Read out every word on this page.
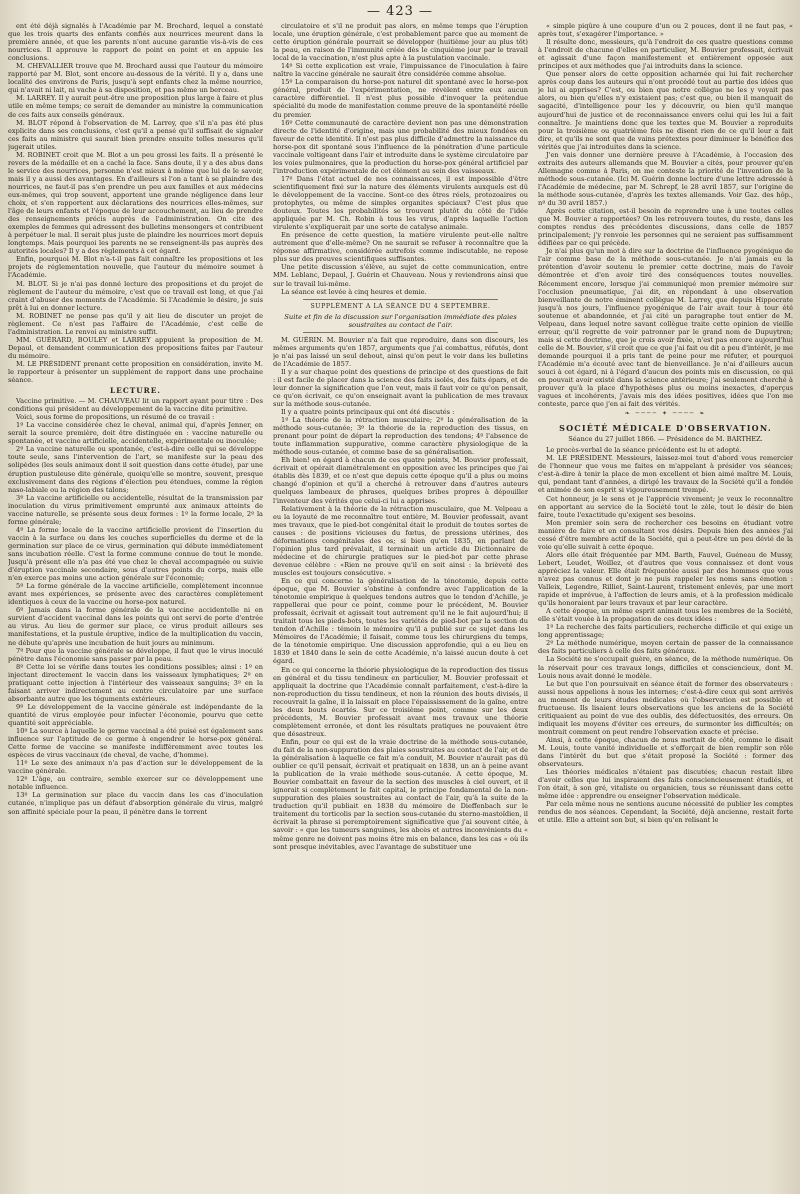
— 423 —

ent été déjà signalés à l'Académie par M. Brochard, lequel a constaté que les trois quarts des enfants confiés aux nourrices meurent dans la première année, et que les parents n'ont aucune garantie vis-à-vis de ces nourrices. Il approuve le rapport de point en point et en appuie les conclusions.

M. CHEVALLIER trouve que M. Brochard aussi que l'auteur du mémoire rapporté par M. Blot, sont encore au-dessous de la vérité. Il y a, dans une localité des environs de Paris, jusqu'à sept enfants chez la même nourrice, qui n'avait ni lait, ni vache à sa disposition, et pas même un berceau.

M. LARREY. Il y aurait peut-être une proposition plus large à faire et plus utile en même temps; ce serait de demander au ministre la communication de ces faits aux conseils généraux.

M. BLOT répond à l'observation de M. Larrey, que s'il n'a pas été plus explicite dans ses conclusions, c'est qu'il a pensé qu'il suffisait de signaler ces faits au ministre qui saurait bien prendre ensuite telles mesures qu'il jugerait utiles.

M. ROBINET croit que M. Blot a un peu grossi les faits. Il a présenté le revers de la médaille et en a caché la face. Sans doute, il y a des abus dans le service des nourrices, personne n'est mieux à même que lui de le savoir, mais il y a aussi des avantages. En d'ailleurs si l'on a tant à se plaindre des nourrices, ne faut-il pas s'en prendre un peu aux familles et aux médecins eux-mêmes, qui trop souvent, apportent une grande négligence dans leur choix, et s'en rapportent aux déclarations des nourrices elles-mêmes, sur l'âge de leurs enfants et l'époque de leur accouchement, au lieu de prendre des renseignements précis auprès de l'administration. On cite des exemples de femmes qui adressent des bulletins mensongers et contribuent à perpétuer le mal. Il serait plus juste de plaindre les nourrices mort depuis longtemps. Mais pourquoi les parents ne se renseignent-ils pas auprès des autorités locales? Il y a des règlements à cet égard.

Enfin, pourquoi M. Blot n'a-t-il pas fait connaître les propositions et les projets de réglementation nouvelle, que l'auteur du mémoire soumet à l'Académie.

M. BLOT. Si je n'ai pas donné lecture des propositions et du projet de règlement de l'auteur du mémoire, c'est que ce travail est long, et que j'ai craint d'abuser des moments de l'Académie. Si l'Académie le désire, je suis prêt à lui en donner lecture.

M. ROBINET ne pense pas qu'il y ait lieu de discuter un projet de règlement. Ce n'est pas l'affaire de l'Académie, c'est celle de l'administration. Le renvoi au ministre suffit.

MM. GUÉRARD, BOULEY et LARREY appuient la proposition de M. Depaul, et demandent communication des propositions faites par l'auteur du mémoire.

M. LE PRÉSIDENT prenant cette proposition en considération, invite M. le rapporteur à présenter un supplément de rapport dans une prochaine séance.

LECTURE.

Vaccine primitive. — M. CHAUVEAU lit un rapport ayant pour titre : Des conditions qui président au développement de la vaccine dite primitive.

Voici, sous forme de propositions, un résumé de ce travail :

1º La vaccine considérée chez le cheval, animal qui, d'après Jenner, en serait la source première, doit être distinguée en : vaccine naturelle ou spontanée, et vaccine artificielle, accidentelle, expérimentale ou inoculée;

2º La vaccine naturelle ou spontanée, c'est-à-dire celle qui se développe toute seule, sans l'intervention de l'art, se manifeste sur la peau des solipèdes (les seuls animaux dont il soit question dans cette étude), par une éruption pustuleuse dite générale, quoiqu'elle se montre, souvent, presque exclusivement dans des régions d'élection peu étendues, comme la région naso-labiale ou la région des talons;

3º La vaccine artificielle ou accidentelle, résultat de la transmission par inoculation du virus primitivement emprunté aux animaux atteints de vaccine naturelle, se présente sous deux formes : 1º la forme locale, 2º la forme générale;

4º La forme locale de la vaccine artificielle provient de l'insertion du vaccin à la surface ou dans les couches superficielles du derme et de la germination sur place de ce virus, germination qui débute immédiatement sans incubation réelle. C'est la forme commune connue de tout le monde. Jusqu'à présent elle n'a pas été vue chez le cheval accompagnée ou suivie d'éruption vaccinale secondaire, sous d'autres points du corps, mais elle n'en exerce pas moins une action générale sur l'économie;

5º La forme générale de la vaccine artificielle, complètement inconnue avant mes expériences, se présente avec des caractères complètement identiques à ceux de la vaccine ou horse-pox naturel.

6º Jamais dans la forme générale de la vaccine accidentelle ni en survient d'accident vaccinal dans les points qui ont servi de porte d'entrée au virus. Au lieu de germer sur place, ce virus produit ailleurs ses manifestations, et la pustule éruptive, indice de la multiplication du vaccin, ne débute qu'après une incubation de huit jours au minimum.

7º Pour que la vaccine générale se développe, il faut que le virus inoculé pénètre dans l'économie sans passer par la peau.

8º Cette loi se vérifie dans toutes les conditions possibles; ainsi : 1º en injectant directement le vaccin dans les vaisseaux lymphatiques; 2º en pratiquant cette injection à l'intérieur des vaisseaux sanguins; 3º en la faisant arriver indirectement au centre circulatoire par une surface absorbante autre que les téguments extérieurs.

9º Le développement de la vaccine générale est indépendante de la quantité de virus employée pour infecter l'économie, pourvu que cette quantité soit appréciable.

10º La source à laquelle le germe vaccinal a été puisé est également sans influence sur l'aptitude de ce germe à engendrer le horse-pox général. Cette forme de vaccine se manifeste indifféremment avec toutes les espèces de virus vaccinaux (de cheval, de vache, d'homme).

11º Le sexe des animaux n'a pas d'action sur le développement de la vaccine générale.

12º L'âge, au contraire, semble exercer sur ce développement une notable influence.

13º La germination sur place du vaccin dans les cas d'inoculation cutanée, n'implique pas un défaut d'absorption générale du virus, malgré son affinité spéciale pour la peau, il pénètre dans le torrent

circulatoire et s'il ne produit pas alors, en même temps que l'éruption locale, une éruption générale, c'est probablement parce que au moment de cette éruption générale pourrait se développer (huitième jour au plus tôt) la peau, en raison de l'immunité créée dès le cinquième jour par le travail local de la vaccination, n'est plus apte à la pustulation vaccinale.

14º Si cette explication est vraie, l'impuissance de l'inoculation à faire naître la vaccine générale ne saurait être considérée comme absolue.

15º La comparaison du horse-pox naturel dit spontané avec le horse-pox général, produit de l'expérimentation, ne révèlent entre eux aucun caractère différentiel. Il n'est plus possible d'invoquer la prétendue spécialité du mode de manifestation comme preuve de la spontanéité réelle du premier.

16º Cette communauté de caractère devient non pas une démonstration directe de l'identité d'origine, mais une probabilité des mieux fondées en faveur de cette identité. Il n'est pas plus difficile d'admettre la naissance du horse-pox dit spontané sous l'influence de la pénétration d'une particule vaccinale voltigeant dans l'air et introduite dans le système circulatoire par les voies pulmonaires, que la production du horse-pox général artificiel par l'introduction expérimentale de cet élément au sein des vaisseaux.

17º Dans l'état actuel de nos connaissances, il est impossible d'être scientifiquement fixé sur la nature des éléments virulents auxquels est dû le développement de la vaccine. Sont-ce des êtres réels, protozoaires ou protophytes, ou même de simples organites spéciaux? C'est plus que douteux. Toutes les probabilités se trouvent plutôt du côté de l'idée appliquée par M. Ch. Robin à tous les virus, d'après laquelle l'action virulente s'expliquerait par une sorte de catalyse animale.

En présence de cette question, la matière virulente peut-elle naître autrement que d'elle-même? On ne saurait se refuser à reconnaître que la réponse affirmative, considérée autrefois comme indiscutable, ne repose plus sur des preuves scientifiques suffisantes.

Une petite discussion s'élève, au sujet de cette communication, entre MM. Leblanc, Depaul, J. Guérin et Chauveau. Nous y reviendrons ainsi que sur le travail lui-même.

La séance est levée à cinq heures et demie.

SUPPLÉMENT A LA SÉANCE DU 4 SEPTEMBRE.
Suite et fin de la discussion sur l'organisation immédiate des plaies soustraites au contact de l'air.

M. GUÉRIN. M. Bouvier n'a fait que reproduire, dans son discours, les mêmes arguments qu'en 1857, arguments que j'ai combattus, réfutés, dont je n'ai pas laissé un seul debout, ainsi qu'on peut le voir dans les bulletins de l'Académie de 1857.

Il y a sur chaque point des questions de principe et des questions de fait : il est facile de placer dans la science des faits isolés, des faits épars, et de leur donner la signification que l'on veut, mais il faut voir ce qu'on pensait, ce qu'on écrivait, ce qu'on enseignait avant la publication de mes travaux sur la méthode sous-cutanée.

Il y a quatre points principaux qui ont été discutés :

1º La théorie de la rétraction musculaire; 2º la généralisation de la méthode sous-cutanée; 3º la théorie de la reproduction des tissus, en prenant pour point de départ la reproduction des tendons; 4º l'absence de toute inflammation suppurative, comme caractère physiologique de la méthode sous-cutanée, et comme base de sa généralisation.

Eh bien! en égard à chacun de ces quatre points, M. Bouvier professait, écrivait et opérait diamétralement en opposition avec les principes que j'ai établis dès 1839, et ce n'est que depuis cette époque qu'il a plus ou moins changé d'opinion et qu'il a cherché à retrouver dans d'autres auteurs quelques lambeaux de phrases, quelques bribes propres à dépouiller l'inventeur des vérités que celui-ci lui a apprises.

Relativement à la théorie de la rétraction musculaire, que M. Velpeau a eu la loyauté de me reconnaître tout entière, M. Bouvier professait, avant mes travaux, que le pied-bot congénital était le produit de toutes sortes de causes : de positions vicieuses du fœtus, de pressions utérines, des déformations congénitales des os; si bien qu'en 1835, en parlant de l'opinion plus tard prévalait, il terminait un article du Dictionnaire de médecine et de chirurgie pratiques sur le pied-bot par cette phrase devenue célèbre : «Rien ne prouve qu'il en soit ainsi : la brièveté des muscles est toujours consécutive. »

En ce qui concerne la généralisation de la ténotomie, depuis cette époque, que M. Bouvier s'obstine à confondre avec l'application de la ténotomie empirique à quelques tendons autres que le tendon d'Achille, je rappellerai que pour ce point, comme pour le précédent, M. Bouvier professait, écrivait et agissait tout autrement qu'il ne le fait aujourd'hui; il traitait tous les pieds-bots, toutes les variétés de pied-bot par la section du tendon d'Achille : témoin le mémoire qu'il a publié sur ce sujet dans les Mémoires de l'Académie; il faisait, comme tous les chirurgiens du temps, de la ténotomie empirique. Une discussion approfondie, qui a eu lieu en 1839 et 1840 dans le sein de cette Académie, n'a laissé aucun doute à cet égard.

En ce qui concerne la théorie physiologique de la reproduction des tissus en général et du tissu tendineux en particulier, M. Bouvier professait et appliquait la doctrine que l'Académie connaît parfaitement, c'est-à-dire la non-reproduction du tissu tendineux, et non la réunion des bouts divisés, il recouvrait la gaîne, il la laissait en place l'épaississement de la gaîne, entre les deux bouts écartés. Sur ce troisième point, comme sur les deux précédents, M. Bouvier professait avant mes travaux une théorie complètement erronée, et dont les résultats pratiques ne pouvaient être que désastreux.

Enfin, pour ce qui est de la vraie doctrine de la méthode sous-cutanée, du fait de la non-suppuration des plaies soustraites au contact de l'air, et de la généralisation à laquelle ce fait m'a conduit, M. Bouvier n'aurait pas dû oublier ce qu'il pensait, écrivait et pratiquait en 1838, un an à peine avant la publication de la vraie méthode sous-cutanée. A cette époque, M. Bouvier combattait en faveur de la section des muscles à ciel ouvert, et il ignorait si complètement le fait capital, le principe fondamental de la non-suppuration des plaies soustraites au contact de l'air, qu'à la suite de la traduction qu'il publiait en 1838 du mémoire de Dieffenbach sur le traitement du torticolis par la section sous-cutanée du sterno-mastoïdien, il écrivait la phrase si peremptoirement significative que j'ai souvent citée, à savoir : « que les tumeurs sanguines, les abcès et autres inconvénients du « même genre ne doivent pas moins être mis en balance, dans les cas « où ils sont presque inévitables, avec l'avantage de substituer une

« simple piqûre à une coupure d'un ou 2 pouces, dont il ne faut pas, « après tout, s'exagérer l'importance. »

Il résulte donc, messieurs, qu'à l'endroit de ces quatre questions comme à l'endroit de chacune d'elles en particulier, M. Bouvier professait, écrivait et agissait d'une façon manifestement et entièrement opposée aux principes et aux méthodes que j'ai introduits dans la science.

Que penser alors de cette opposition acharnée qui lui fait rechercher après coup dans les auteurs qui n'ont procédé tout au partie des idées que je lui ai apprises? C'est, ou bien que notre collègue ne les y voyait pas alors, ou bien qu'elles n'y existaient pas; c'est que, ou bien il manquait de sagacité, d'intelligence pour les y découvrir, ou bien qu'il manque aujourd'hui de justice et de reconnaissance envers celui qui les lui a fait connaître. Je maintiens donc que les textes que M. Bouvier a reproduits pour la troisième ou quatrième fois ne disent rien de ce qu'il leur a fait dire, et qu'ils ne sont que de vains prétextes pour diminuer le bénéfice des vérités que j'ai introduites dans la science.

J'en vais donner une dernière preuve à l'Académie, à l'occasion des extraits des auteurs allemands que M. Bouvier a cités, pour prouver qu'en Allemagne comme à Paris, on me conteste la priorité de l'invention de la méthode sous-cutanée. (Ici M. Guérin donne lecture d'une lettre adressée à l'Académie de médecine, par M. Schrepf, le 28 avril 1857, sur l'origine de la méthode sous-cutanée, d'après les textes allemands. Voir Gaz. des hôp., nº du 30 avril 1857.)

Après cette citation, est-il besoin de reprendre une à une toutes celles que M. Bouvier a rapportées? On les retrouvera toutes, du reste, dans les comptes rendus des précédentes discussions, dans celle de 1857 principalement; j'y renvoie les personnes qui ne seraient pas suffisamment édifiées par ce qui précède.

Je n'ai plus qu'un mot à dire sur la doctrine de l'influence pyogénique de l'air comme base de la méthode sous-cutanée. Je n'ai jamais eu la prétention d'avoir soutenu le premier cette doctrine, mais de l'avoir démontrée et d'en avoir tiré des conséquences toutes nouvelles. Récemment encore, lorsque j'ai communiqué mon premier mémoire sur l'occlusion pneumatique, j'ai dit, en répondant à une observation bienveillante de notre éminent collègue M. Larrey, que depuis Hippocrate jusqu'à nos jours, l'influence pyogénique de l'air avait tour à tour été soutenue et abandonnée, et j'ai cité un paragraphe tout entier de M. Velpeau, dans lequel notre savant collègue traite cette opinion de vieille erreur, qu'il regrette de voir patronner par le grand nom de Dupuytren; mais si cette doctrine, que je crois avoir fixée, n'est pas encore aujourd'hui celle de M. Bouvier, s'il croit que ce que j'ai fait ou dit a peu d'intérêt, je me demande pourquoi il a pris tant de peine pour me réfuter, et pourquoi l'Académie m'a écouté avec tant de bienveillance. Je n'ai d'ailleurs aucun souci à cet égard, ni à l'égard d'aucun des points mis en discussion, ce qui en pouvait avoir existé dans la science antérieure; j'ai seulement cherché à prouver qu'à la place d'hypothèses plus ou moins inexactes, d'aperçus vagues et incohérents, j'avais mis des idées positives, idées que l'on me conteste, parce que j'en ai fait des vérités.

❧ ──── ✦ ──── ❧
SOCIÉTÉ MÉDICALE D'OBSERVATION.
Séance du 27 juillet 1866. — Présidence de M. BARTHEZ.

Le procès-verbal de la séance précédente est lu et adopté.

M. LE PRÉSIDENT. Messieurs, laissez-moi tout d'abord vous remercier de l'honneur que vous me faites en m'appelant à présider vos séances; c'est-à-dire à tenir la place de mon excellent et bien aimé maître M. Louis, qui, pendant tant d'années, a dirigé les travaux de la Société qu'il a fondée et animée de son esprit si vigoureusement trempé.

Cet honneur, je le sens et je l'apprécie vivement; je veux le reconnaître en apportant au service de la Société tout le zèle, tout le désir de bien faire, toute l'exactitude qu'exigent ses besoins.

Mon premier soin sera de rechercher ces besoins en étudiant votre manière de faire et en consultant vos désirs. Depuis bien des années j'ai cessé d'être membre actif de la Société, qui a peut-être un peu dévié de la voie qu'elle suivait à cette époque.

Alors elle était fréquentée par MM. Barth, Fauvel, Guéneau de Mussy, Lebert, Leudet, Woillez, et d'autres que vous connaissez et dont vous appréciez la valeur. Elle était fréquentée aussi par des hommes que vous n'avez pas connus et dont je ne puis rappeler les noms sans émotion : Valleix, Legendre, Rilliet, Saint-Laurent, tristement enlevés, par une mort rapide et imprévue, à l'affection de leurs amis, et à la profession médicale qu'ils honoraient par leurs travaux et par leur caractère.

A cette époque, un même esprit animait tous les membres de la Société, elle s'était vouée à la propagation de ces deux idées :

1º La recherche des faits particuliers, recherche difficile et qui exige un long apprentissage;

2º La méthode numérique, moyen certain de passer de la connaissance des faits particuliers à celle des faits généraux.

La Société ne s'occupait guère, en séance, de la méthode numérique. On la réservait pour ces travaux longs, difficiles et consciencieux, dont M. Louis nous avait donné le modèle.

Le but que l'on poursuivait en séance était de former des observateurs : aussi nous appelions à nous les internes; c'est-à-dire ceux qui sont arrivés au moment de leurs études médicales où l'observation est possible et fructueuse. Ils lisaient leurs observations que les anciens de la Société critiquaient au point de vue des oublis, des défectuosités, des erreurs. On indiquait les moyens d'éviter ces erreurs, de surmonter les difficultés; on montrait comment on peut rendre l'observation exacte et précise.

Ainsi, à cette époque, chacun de nous mettait de côté, comme le disait M. Louis, toute vanité individuelle et s'efforçait de bien remplir son rôle dans l'intérêt du but que s'était proposé la Société : former des observateurs.

Les théories médicales n'étaient pas discutées; chacun restait libre d'avoir celles que lui inspiraient des faits consciencieusement étudiés, et l'on était, à son gré, vitaliste ou organicien, tous se réunissant dans cette même idée : apprendre ou enseigner l'observation médicale.

Par cela même nous ne sentions aucune nécessité de publier les comptes rendus de nos séances. Cependant, la Société, déjà ancienne, restait forte et utile. Elle a atteint son but, si bien qu'en relisant le
